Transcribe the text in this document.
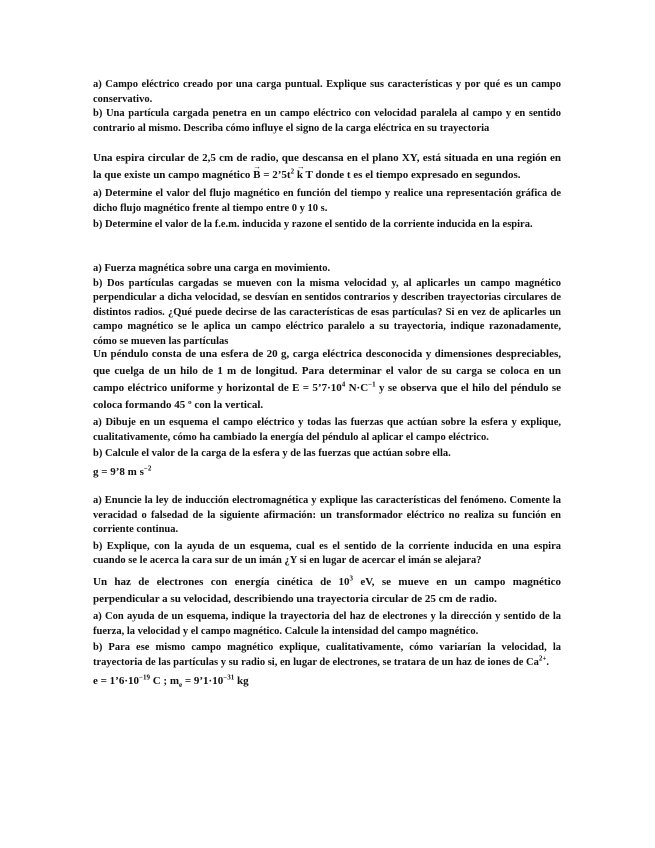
a) Campo eléctrico creado por una carga puntual. Explique sus características y por qué es un campo conservativo.

b) Una partícula cargada penetra en un campo eléctrico con velocidad paralela al campo y en sentido contrario al mismo. Describa cómo influye el signo de la carga eléctrica en su trayectoria

Una espira circular de 2,5 cm de radio, que descansa en el plano XY, está situada en una región en la que existe un campo magnético → $B = 2’5t^2 \to k$ T donde t es el tiempo expresado en segundos.

a) Determine el valor del flujo magnético en función del tiempo y realice una representación gráfica de dicho flujo magnético frente al tiempo entre 0 y 10 s.

b) Determine el valor de la f.e.m. inducida y razone el sentido de la corriente inducida en la espira.

a) Fuerza magnética sobre una carga en movimiento.

b) Dos partículas cargadas se mueven con la misma velocidad y, al aplicarles un campo magnético perpendicular a dicha velocidad, se desvían en sentidos contrarios y describen trayectorias circulares de distintos radios. ¿Qué puede decirse de las características de esas partículas? Si en vez de aplicarles un campo magnético se le aplica un campo eléctrico paralelo a su trayectoria, indique razonadamente, cómo se mueven las partículas

Un péndulo consta de una esfera de 20 g, carga eléctrica desconocida y dimensiones despreciables, que cuelga de un hilo de 1 m de longitud. Para determinar el valor de su carga se coloca en un campo eléctrico uniforme y horizontal de $E = 5’7\cdot 10^4$ $N\cdot C^{-1}$ y se observa que el hilo del péndulo se coloca formando 45 º con la vertical.

a) Dibuje en un esquema el campo eléctrico y todas las fuerzas que actúan sobre la esfera y explique, cualitativamente, cómo ha cambiado la energía del péndulo al aplicar el campo eléctrico.

b) Calcule el valor de la carga de la esfera y de las fuerzas que actúan sobre ella.

g = 9’8 m $s^{-2}$

a) Enuncie la ley de inducción electromagnética y explique las características del fenómeno. Comente la veracidad o falsedad de la siguiente afirmación: un transformador eléctrico no realiza su función en corriente continua.

b) Explique, con la ayuda de un esquema, cual es el sentido de la corriente inducida en una espira cuando se le acerca la cara sur de un imán ¿Y si en lugar de acercar el imán se alejara?

Un haz de electrones con energía cinética de $10^3$ eV, se mueve en un campo magnético perpendicular a su velocidad, describiendo una trayectoria circular de 25 cm de radio.

a) Con ayuda de un esquema, indique la trayectoria del haz de electrones y la dirección y sentido de la fuerza, la velocidad y el campo magnético. Calcule la intensidad del campo magnético.

b) Para ese mismo campo magnético explique, cualitativamente, cómo variarían la velocidad, la trayectoria de las partículas y su radio si, en lugar de electrones, se tratara de un haz de iones de $Ca^{2+}$.

$e = 1’6\cdot 10^{-19}$ C ; $m_e$ = $9’1\cdot 10^{-31}$ kg
